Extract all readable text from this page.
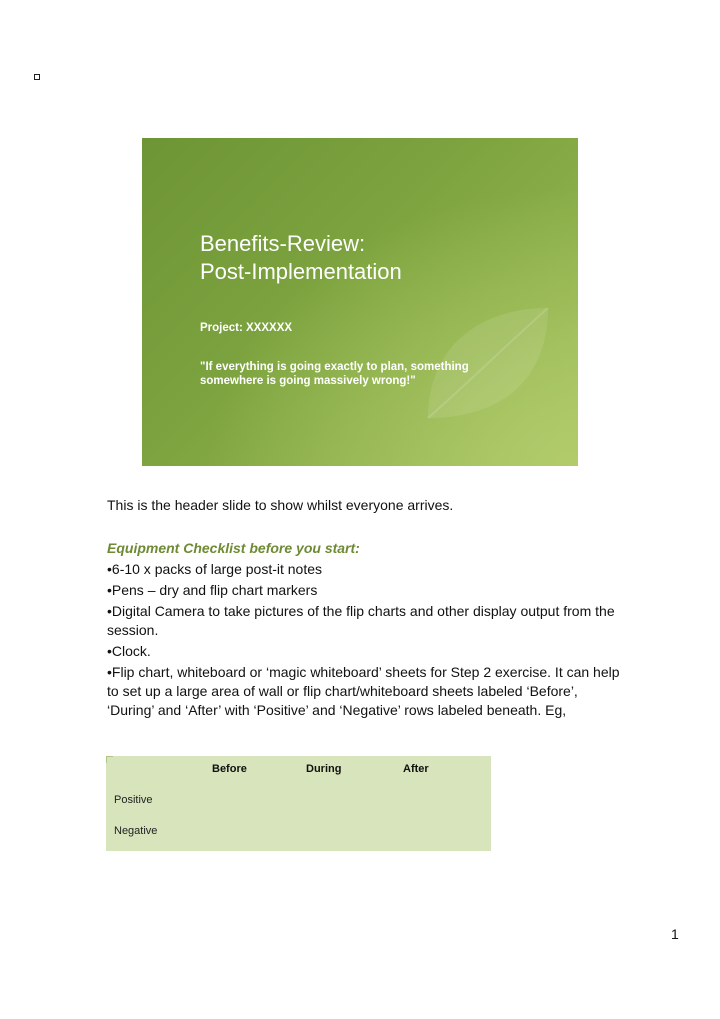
Benefits-Review:
Post-Implementation
Project: XXXXXX
"If everything is going exactly to plan, something
somewhere is going massively wrong!"

This is the header slide to show whilst everyone arrives.

Equipment Checklist before you start:

•6-10 x packs of large post-it notes

•Pens – dry and flip chart markers

•Digital Camera to take pictures of the flip charts and other display output from the session.

•Clock.

•Flip chart, whiteboard or ‘magic whiteboard’ sheets for Step 2 exercise. It can help to set up a large area of wall or flip chart/whiteboard sheets labeled ‘Before’, ‘During’ and ‘After’ with ‘Positive’ and ‘Negative’ rows labeled beneath. Eg,

Before	During	After
Positive
Negative
1
